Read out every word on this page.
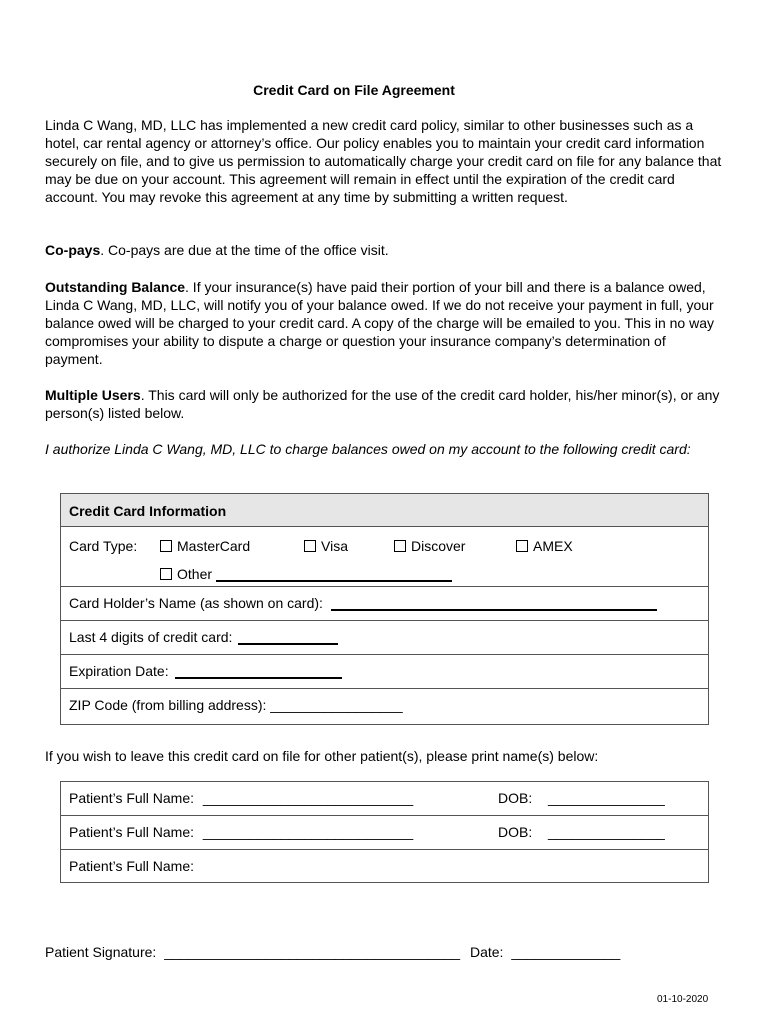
Credit Card on File Agreement

Linda C Wang, MD, LLC has implemented a new credit card policy, similar to other businesses such as a hotel, car rental agency or attorney’s office. Our policy enables you to maintain your credit card information securely on file, and to give us permission to automatically charge your credit card on file for any balance that may be due on your account. This agreement will remain in effect until the expiration of the credit card account. You may revoke this agreement at any time by submitting a written request.

Co-pays. Co-pays are due at the time of the office visit.

Outstanding Balance. If your insurance(s) have paid their portion of your bill and there is a balance owed, Linda C Wang, MD, LLC, will notify you of your balance owed. If we do not receive your payment in full, your balance owed will be charged to your credit card. A copy of the charge will be emailed to you. This in no way compromises your ability to dispute a charge or question your insurance company’s determination of payment.

Multiple Users. This card will only be authorized for the use of the credit card holder, his/her minor(s), or any person(s) listed below.

I authorize Linda C Wang, MD, LLC to charge balances owed on my account to the following credit card:

Credit Card Information
Card Type:	MasterCard	Visa	Discover	AMEX
Other
Card Holder’s Name (as shown on card):
Last 4 digits of credit card:
Expiration Date:
ZIP Code (from billing address): _________________

If you wish to leave this credit card on file for other patient(s), please print name(s) below:

Patient’s Full Name: ___________________________	DOB: _______________
Patient’s Full Name: ___________________________	DOB: _______________
Patient’s Full Name:
Patient Signature: ______________________________________ Date: ______________
01-10-2020
